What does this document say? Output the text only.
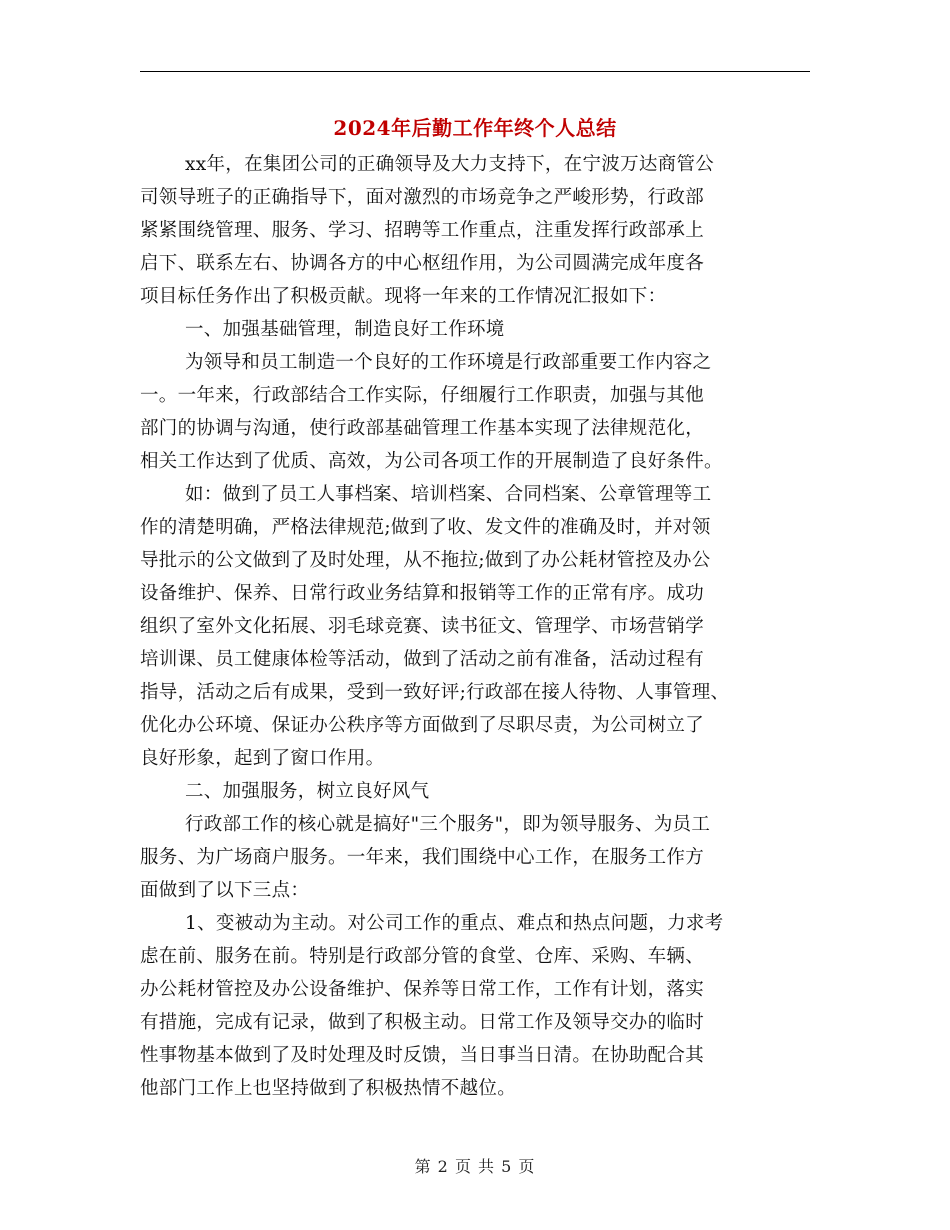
2024年后勤工作年终个人总结
xx年，在集团公司的正确领导及大力支持下，在宁波万达商管公
司领导班子的正确指导下，面对激烈的市场竞争之严峻形势，行政部
紧紧围绕管理、服务、学习、招聘等工作重点，注重发挥行政部承上
启下、联系左右、协调各方的中心枢纽作用，为公司圆满完成年度各
项目标任务作出了积极贡献。现将一年来的工作情况汇报如下：
一、加强基础管理，制造良好工作环境
为领导和员工制造一个良好的工作环境是行政部重要工作内容之
一。一年来，行政部结合工作实际，仔细履行工作职责，加强与其他
部门的协调与沟通，使行政部基础管理工作基本实现了法律规范化，
相关工作达到了优质、高效，为公司各项工作的开展制造了良好条件。
如：做到了员工人事档案、培训档案、合同档案、公章管理等工
作的清楚明确，严格法律规范;做到了收、发文件的准确及时，并对领
导批示的公文做到了及时处理，从不拖拉;做到了办公耗材管控及办公
设备维护、保养、日常行政业务结算和报销等工作的正常有序。成功
组织了室外文化拓展、羽毛球竞赛、读书征文、管理学、市场营销学
培训课、员工健康体检等活动，做到了活动之前有准备，活动过程有
指导，活动之后有成果，受到一致好评;行政部在接人待物、人事管理、
优化办公环境、保证办公秩序等方面做到了尽职尽责，为公司树立了
良好形象，起到了窗口作用。
二、加强服务，树立良好风气
行政部工作的核心就是搞好"三个服务"，即为领导服务、为员工
服务、为广场商户服务。一年来，我们围绕中心工作，在服务工作方
面做到了以下三点：
1、变被动为主动。对公司工作的重点、难点和热点问题，力求考
虑在前、服务在前。特别是行政部分管的食堂、仓库、采购、车辆、
办公耗材管控及办公设备维护、保养等日常工作，工作有计划，落实
有措施，完成有记录，做到了积极主动。日常工作及领导交办的临时
性事物基本做到了及时处理及时反馈，当日事当日清。在协助配合其
他部门工作上也坚持做到了积极热情不越位。
第 2 页 共 5 页
